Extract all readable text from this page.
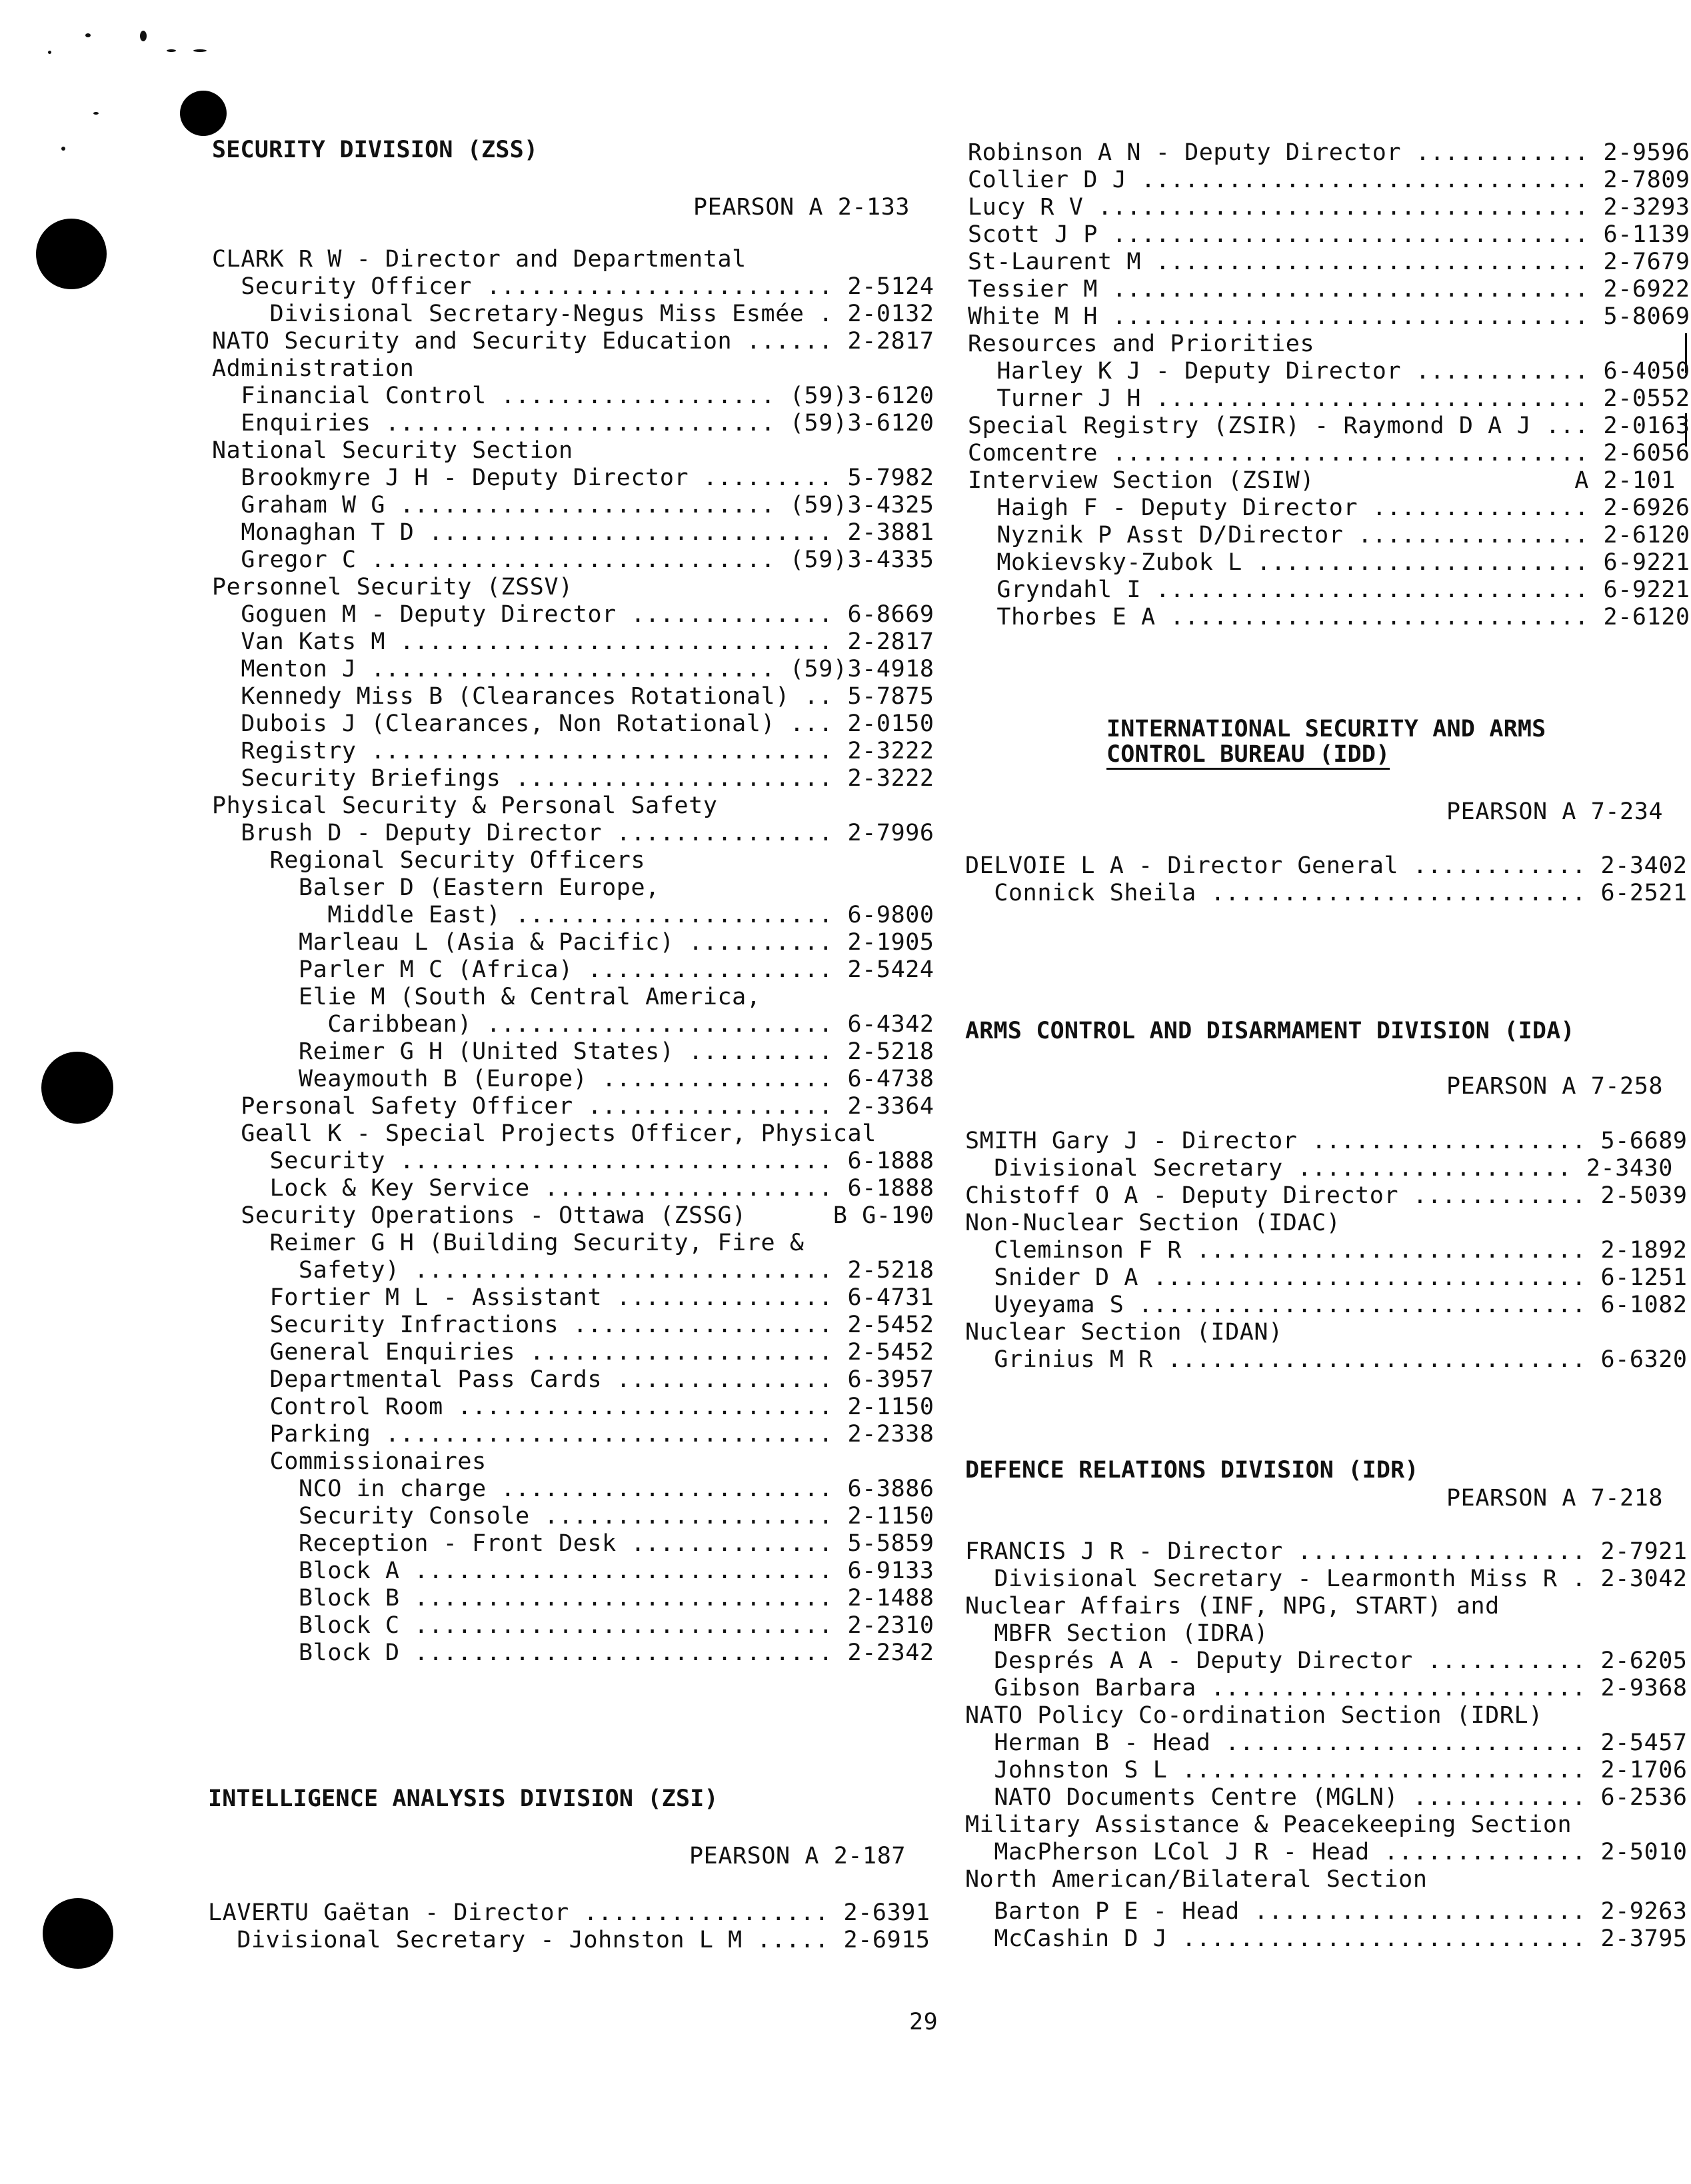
SECURITY DIVISION (ZSS)
PEARSON A 2-133
CLARK R W - Director and Departmental
Security Officer ........................ 2-5124
Divisional Secretary-Negus Miss Esmée . 2-0132
NATO Security and Security Education ...... 2-2817
Administration
Financial Control ................... (59)3-6120
Enquiries ........................... (59)3-6120
National Security Section
Brookmyre J H - Deputy Director ......... 5-7982
Graham W G .......................... (59)3-4325
Monaghan T D ............................ 2-3881
Gregor C ............................ (59)3-4335
Personnel Security (ZSSV)
Goguen M - Deputy Director .............. 6-8669
Van Kats M .............................. 2-2817
Menton J ............................ (59)3-4918
Kennedy Miss B (Clearances Rotational) .. 5-7875
Dubois J (Clearances, Non Rotational) ... 2-0150
Registry ................................ 2-3222
Security Briefings ...................... 2-3222
Physical Security & Personal Safety
Brush D - Deputy Director ............... 2-7996
Regional Security Officers
Balser D (Eastern Europe,
Middle East) ...................... 6-9800
Marleau L (Asia & Pacific) .......... 2-1905
Parler M C (Africa) ................. 2-5424
Elie M (South & Central America,
Caribbean) ........................ 6-4342
Reimer G H (United States) .......... 2-5218
Weaymouth B (Europe) ................ 6-4738
Personal Safety Officer ................. 2-3364
Geall K - Special Projects Officer, Physical
Security .............................. 6-1888
Lock & Key Service .................... 6-1888
Security Operations - Ottawa (ZSSG)      B G-190
Reimer G H (Building Security, Fire &
Safety) ............................. 2-5218
Fortier M L - Assistant ............... 6-4731
Security Infractions .................. 2-5452
General Enquiries ..................... 2-5452
Departmental Pass Cards ............... 6-3957
Control Room .......................... 2-1150
Parking ............................... 2-2338
Commissionaires
NCO in charge ....................... 6-3886
Security Console .................... 2-1150
Reception - Front Desk .............. 5-5859
Block A ............................. 6-9133
Block B ............................. 2-1488
Block C ............................. 2-2310
Block D ............................. 2-2342
INTELLIGENCE ANALYSIS DIVISION (ZSI)
PEARSON A 2-187
LAVERTU Gaëtan - Director ................. 2-6391
Divisional Secretary - Johnston L M ..... 2-6915
Robinson A N - Deputy Director ............ 2-9596
Collier D J ............................... 2-7809
Lucy R V .................................. 2-3293
Scott J P ................................. 6-1139
St-Laurent M .............................. 2-7679
Tessier M ................................. 2-6922
White M H ................................. 5-8069
Resources and Priorities
Harley K J - Deputy Director ............ 6-4050
Turner J H .............................. 2-0552
Special Registry (ZSIR) - Raymond D A J ... 2-0163
Comcentre ................................. 2-6056
Interview Section (ZSIW)                  A 2-101
Haigh F - Deputy Director ............... 2-6926
Nyznik P Asst D/Director ................ 2-6120
Mokievsky-Zubok L ....................... 6-9221
Gryndahl I .............................. 6-9221
Thorbes E A ............................. 2-6120
INTERNATIONAL SECURITY AND ARMS
CONTROL BUREAU (IDD)
PEARSON A 7-234
DELVOIE L A - Director General ............ 2-3402
Connick Sheila .......................... 6-2521
ARMS CONTROL AND DISARMAMENT DIVISION (IDA)
PEARSON A 7-258
SMITH Gary J - Director ................... 5-6689
Divisional Secretary ................... 2-3430
Chistoff O A - Deputy Director ............ 2-5039
Non-Nuclear Section (IDAC)
Cleminson F R ........................... 2-1892
Snider D A .............................. 6-1251
Uyeyama S ............................... 6-1082
Nuclear Section (IDAN)
Grinius M R ............................. 6-6320
DEFENCE RELATIONS DIVISION (IDR)
PEARSON A 7-218
FRANCIS J R - Director .................... 2-7921
Divisional Secretary - Learmonth Miss R . 2-3042
Nuclear Affairs (INF, NPG, START) and
MBFR Section (IDRA)
Després A A - Deputy Director ........... 2-6205
Gibson Barbara .......................... 2-9368
NATO Policy Co-ordination Section (IDRL)
Herman B - Head ......................... 2-5457
Johnston S L ............................ 2-1706
NATO Documents Centre (MGLN) ............ 6-2536
Military Assistance & Peacekeeping Section
MacPherson LCol J R - Head .............. 2-5010
North American/Bilateral Section
Barton P E - Head ....................... 2-9263
McCashin D J ............................ 2-3795
29
